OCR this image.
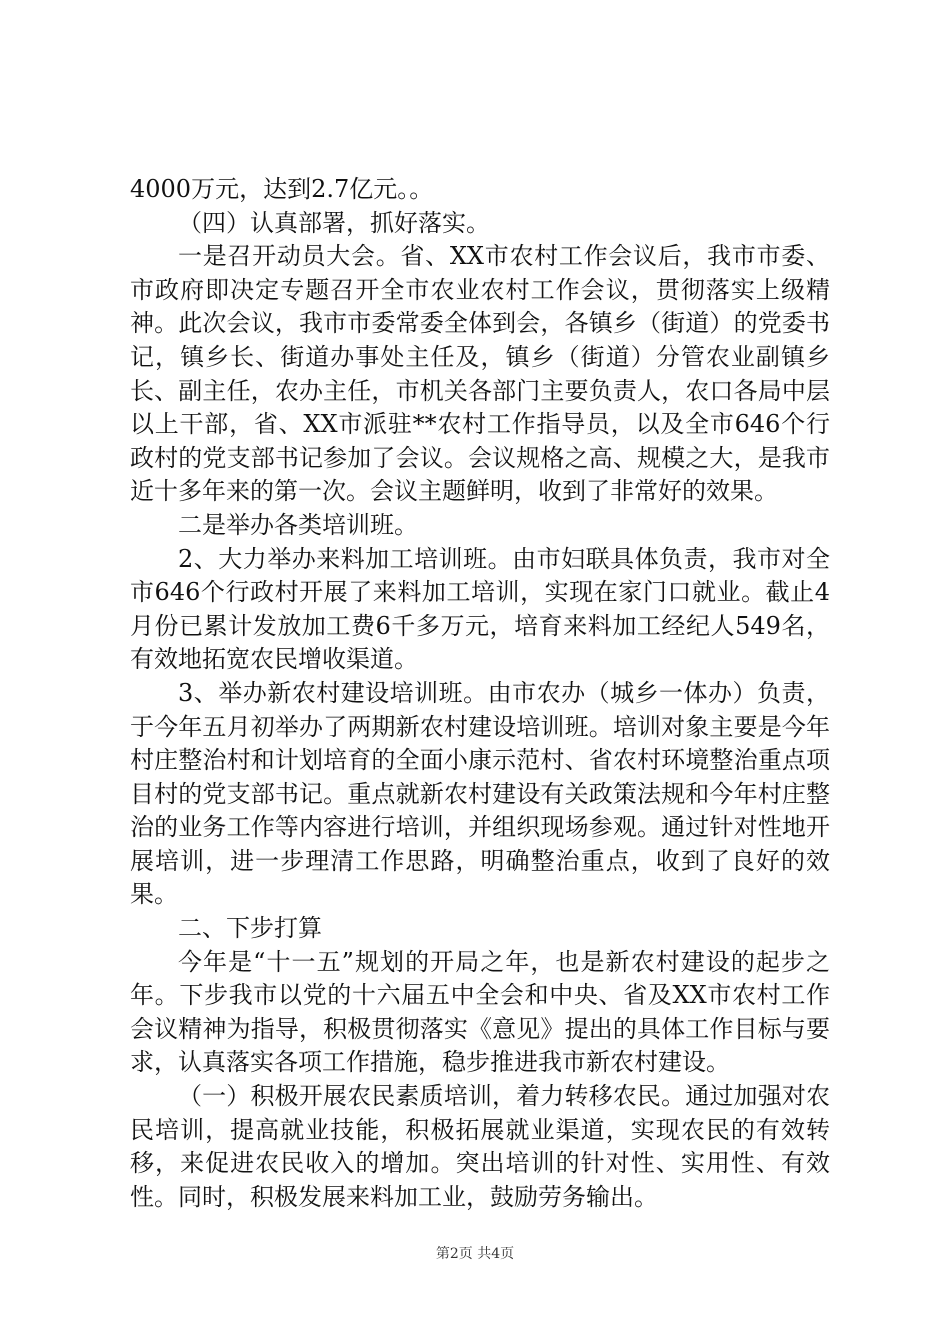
4000万元，达到2.7亿元。。

（四）认真部署，抓好落实。

一是召开动员大会。省、XX市农村工作会议后，我市市委、市政府即决定专题召开全市农业农村工作会议，贯彻落实上级精神。此次会议，我市市委常委全体到会，各镇乡（街道）的党委书记，镇乡长、街道办事处主任及，镇乡（街道）分管农业副镇乡长、副主任，农办主任，市机关各部门主要负责人，农口各局中层以上干部，省、XX市派驻**农村工作指导员，以及全市646个行政村的党支部书记参加了会议。会议规格之高、规模之大，是我市近十多年来的第一次。会议主题鲜明，收到了非常好的效果。

二是举办各类培训班。

2、大力举办来料加工培训班。由市妇联具体负责，我市对全市646个行政村开展了来料加工培训，实现在家门口就业。截止4月份已累计发放加工费6千多万元，培育来料加工经纪人549名，有效地拓宽农民增收渠道。

3、举办新农村建设培训班。由市农办（城乡一体办）负责，于今年五月初举办了两期新农村建设培训班。培训对象主要是今年村庄整治村和计划培育的全面小康示范村、省农村环境整治重点项目村的党支部书记。重点就新农村建设有关政策法规和今年村庄整治的业务工作等内容进行培训，并组织现场参观。通过针对性地开展培训，进一步理清工作思路，明确整治重点，收到了良好的效果。

二、下步打算

今年是“十一五”规划的开局之年，也是新农村建设的起步之年。下步我市以党的十六届五中全会和中央、省及XX市农村工作会议精神为指导，积极贯彻落实《意见》提出的具体工作目标与要求，认真落实各项工作措施，稳步推进我市新农村建设。

（一）积极开展农民素质培训，着力转移农民。通过加强对农民培训，提高就业技能，积极拓展就业渠道，实现农民的有效转移，来促进农民收入的增加。突出培训的针对性、实用性、有效性。同时，积极发展来料加工业，鼓励劳务输出。

第2页 共4页
